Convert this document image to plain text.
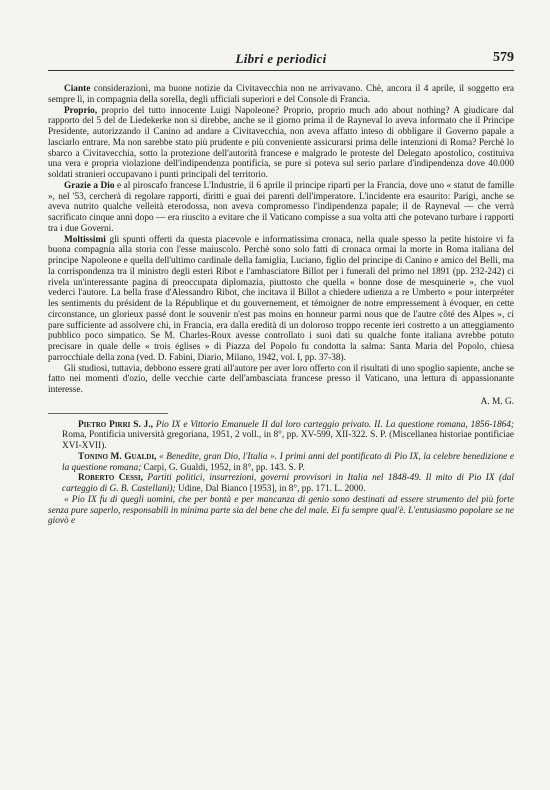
Libri e periodici	579

Ciante considerazioni, ma buone notizie da Civitavecchia non ne arrivavano. Chè, ancora il 4 aprile, il soggetto era sempre lì, in compagnia della sorella, degli ufficiali superiori e del Console di Francia.

Proprio, proprio del tutto innocente Luigi Napoleone? Proprio, proprio much ado about nothing? A giudicare dal rapporto del 5 del de Liedekerke non si direbbe, anche se il giorno prima il de Rayneval lo aveva informato che il Principe Presidente, autorizzando il Canino ad andare a Civitavecchia, non aveva affatto inteso di obbligare il Governo papale a lasciarlo entrare. Ma non sarebbe stato più prudente e più conveniente assicurarsi prima delle intenzioni di Roma? Perchè lo sbarco a Civitavecchia, sotto la protezione dell'autorità francese e malgrado le proteste del Delegato apostolico, costituiva una vera e propria violazione dell'indipendenza pontificia, se pure si poteva sul serio parlare d'indipendenza dove 40.000 soldati stranieri occupavano i punti principali del territorio.

Grazie a Dio e al piroscafo francese L'Industrie, il 6 aprile il principe ripartì per la Francia, dove uno « statut de famille », nel '53, cercherà di regolare rapporti, diritti e guai dei parenti dell'imperatore. L'incidente era esaurito: Parigi, anche se aveva nutrito qualche velleità eterodossa, non aveva compromesso l'indipendenza papale; il de Rayneval — che verrà sacrificato cinque anni dopo — era riuscito a evitare che il Vaticano compisse a sua volta atti che potevano turbare i rapporti tra i due Governi.

Moltissimi gli spunti offerti da questa piacevole e informatissima cronaca, nella quale spesso la petite histoire vi fa buona compagnia alla storia con l'esse maiuscolo. Perchè sono solo fatti di cronaca ormai la morte in Roma italiana del principe Napoleone e quella dell'ultimo cardinale della famiglia, Luciano, figlio del principe di Canino e amico del Belli, ma la corrispondenza tra il ministro degli esteri Ribot e l'ambasciatore Billot per i funerali del primo nel 1891 (pp. 232-242) ci rivela un'interessante pagina di preoccupata diplomazia, piuttosto che quella « bonne dose de mesquinerie », che vuol vederci l'autore. La bella frase d'Alessandro Ribot, che incitava il Billot a chiedere udienza a re Umberto « pour interpréter les sentiments du président de la République et du gouvernement, et témoigner de notre empressement à évoquer, en cette circonstance, un glorieux passé dont le souvenir n'est pas moins en honneur parmi nous que de l'autre côté des Alpes », ci pare sufficiente ad assolvere chi, in Francia, era dalla eredità di un doloroso troppo recente ieri costretto a un atteggiamento pubblico poco simpatico. Se M. Charles-Roux avesse controllato i suoi dati su qualche fonte italiana avrebbe potuto precisare in quale delle « trois églises » di Piazza del Popolo fu condotta la salma: Santa Maria del Popolo, chiesa parrocchiale della zona (ved. D. Fabini, Diario, Milano, 1942, vol. I, pp. 37-38).

Gli studiosi, tuttavia, debbono essere grati all'autore per aver loro offerto con il risultati di uno spoglio sapiente, anche se fatto nei momenti d'ozio, delle vecchie carte dell'ambasciata francese presso il Vaticano, una lettura di appassionante interesse.

A. M. G.

Pietro Pirri S. J., Pio IX e Vittorio Emanuele II dal loro carteggio privato. II. La questione romana, 1856-1864; Roma, Pontificia università gregoriana, 1951, 2 voll., in 8°, pp. XV-599, XII-322. S. P. (Miscellanea historiae pontificiae XVI-XVII).

Tonino M. Gualdi, « Benedite, gran Dio, l'Italia ». I primi anni del pontificato di Pio IX, la celebre benedizione e la questione romana; Carpi, G. Gualdi, 1952, in 8°, pp. 143. S. P.

Roberto Cessi, Partiti politici, insurrezioni, governi provvisori in Italia nel 1848-49. Il mito di Pio IX (dal carteggio di G. B. Castellani); Udine, Dal Bianco [1953], in 8°, pp. 171. L. 2000.

« Pio IX fu di quegli uomini, che per bontà e per mancanza di genio sono destinati ad essere strumento del più forte senza pure saperlo, responsabili in minima parte sia del bene che del male. Ei fu sempre qual'è. L'entusiasmo popolare se ne giovò e
